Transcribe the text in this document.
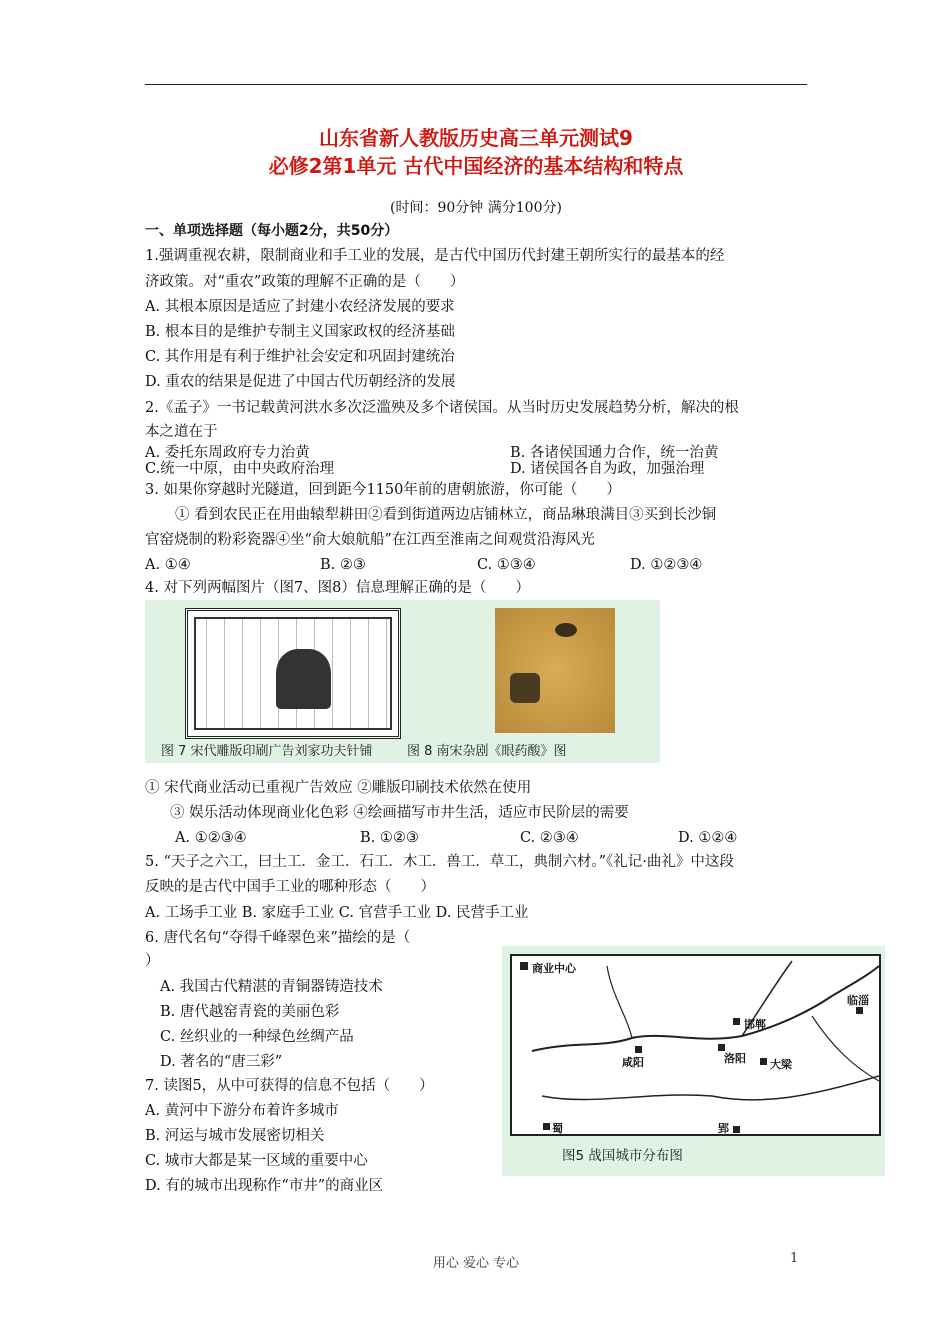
山东省新人教版历史高三单元测试9
必修2第1单元 古代中国经济的基本结构和特点
(时间：90分钟 满分100分)
一、单项选择题（每小题2分，共50分）
1.强调重视农耕，限制商业和手工业的发展，是古代中国历代封建王朝所实行的最基本的经
济政策。对“重农”政策的理解不正确的是（　　）
A. 其根本原因是适应了封建小农经济发展的要求
B. 根本目的是维护专制主义国家政权的经济基础
C. 其作用是有利于维护社会安定和巩固封建统治
D. 重农的结果是促进了中国古代历朝经济的发展
2.《孟子》一书记载黄河洪水多次泛滥殃及多个诸侯国。从当时历史发展趋势分析，解决的根
本之道在于
A. 委托东周政府专力治黄	B. 各诸侯国通力合作，统一治黄
C.统一中原，由中央政府治理	D. 诸侯国各自为政，加强治理
3. 如果你穿越时光隧道，回到距今1150年前的唐朝旅游，你可能（　　）
① 看到农民正在用曲辕犁耕田②看到街道两边店铺林立，商品琳琅满目③买到长沙铜
官窑烧制的粉彩瓷器④坐“俞大娘航船”在江西至淮南之间观赏沿海风光
A. ①④	B. ②③	C. ①③④	D. ①②③④
4. 对下列两幅图片（图7、图8）信息理解正确的是（　　）
图 7 宋代雕版印刷广告刘家功夫针铺	图 8 南宋杂剧《眼药酸》图
① 宋代商业活动已重视广告效应 ②雕版印刷技术依然在使用
③ 娱乐活动体现商业化色彩 ④绘画描写市井生活，适应市民阶层的需要
A. ①②③④	B. ①②③	C. ②③④	D. ①②④
5. “天子之六工，曰土工．金工．石工．木工．兽工．草工，典制六材。”《礼记·曲礼》中这段
反映的是古代中国手工业的哪种形态（　　）
A. 工场手工业 B. 家庭手工业 C. 官营手工业 D. 民营手工业
6. 唐代名句“夺得千峰翠色来”描绘的是（
）
A. 我国古代精湛的青铜器铸造技术
B. 唐代越窑青瓷的美丽色彩
C. 丝织业的一种绿色丝绸产品
D. 著名的“唐三彩”
7. 读图5，从中可获得的信息不包括（　　）
A. 黄河中下游分布着许多城市
B. 河运与城市发展密切相关
C. 城市大都是某一区域的重要中心
D. 有的城市出现称作“市井”的商业区
商业中心
邯郸
临淄
咸阳	洛阳 大梁
郢
蜀
图5 战国城市分布图
用心 爱心 专心	1
